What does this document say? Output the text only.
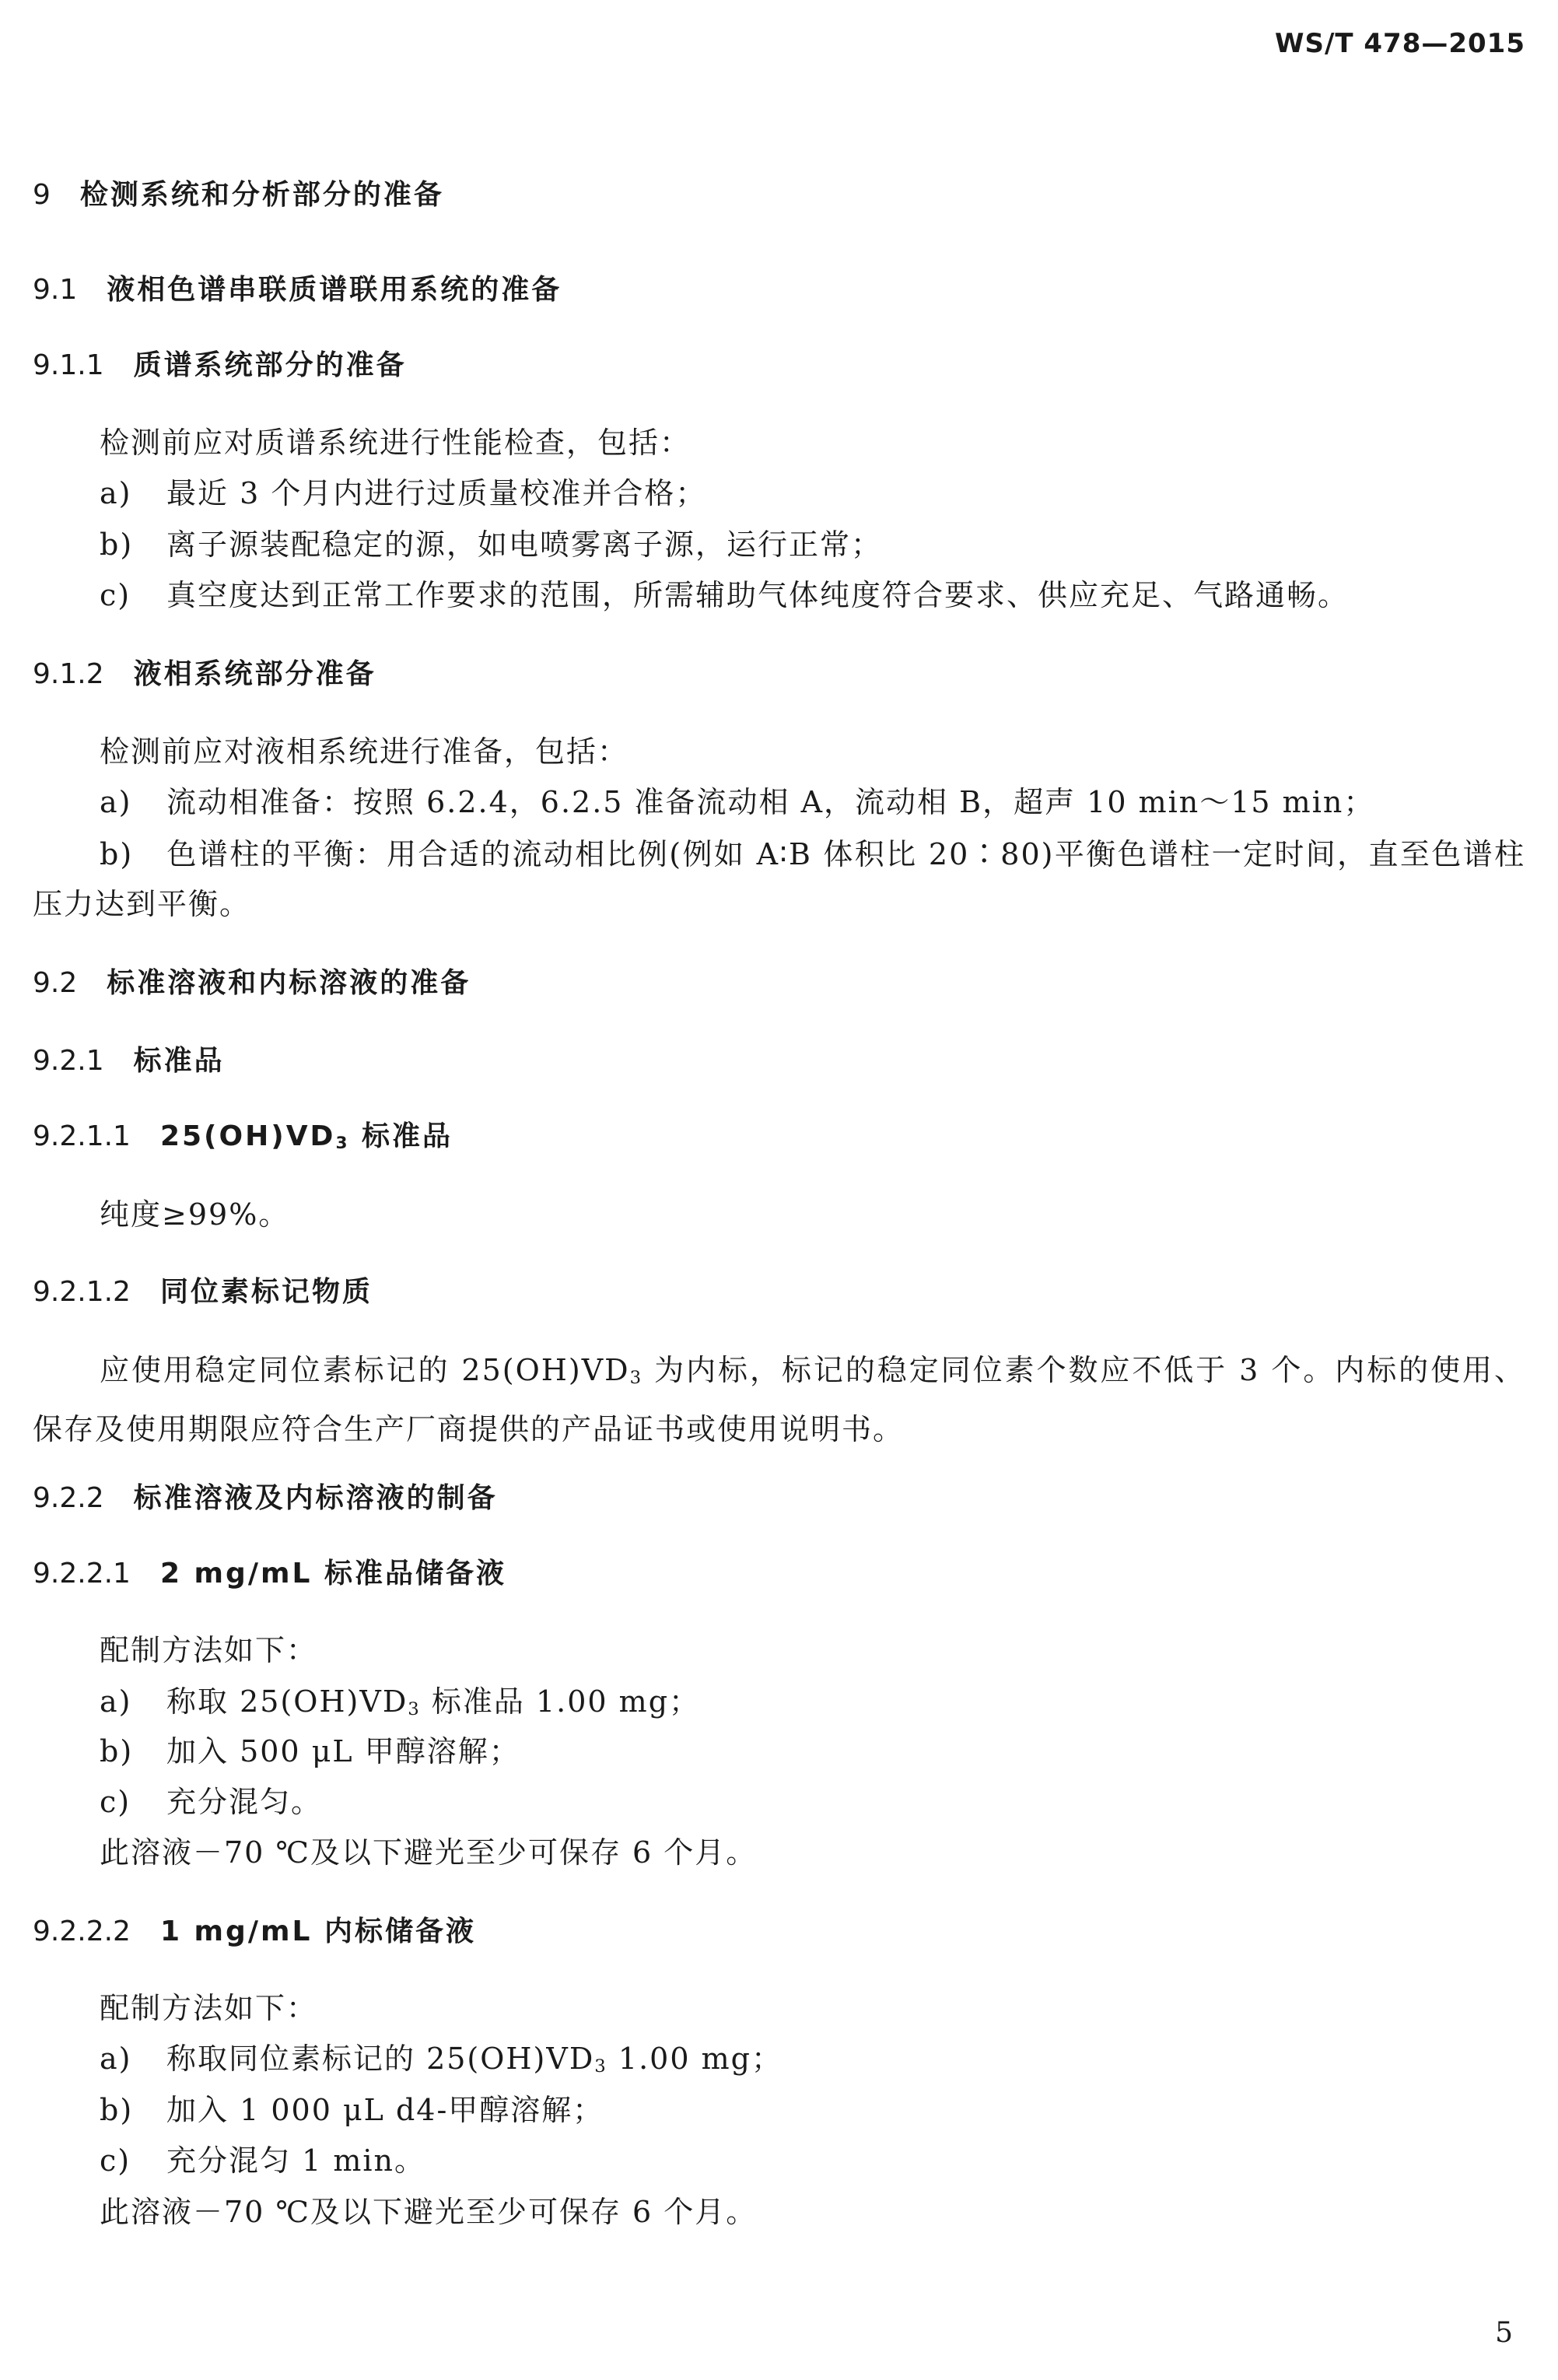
WS/T 478—2015
9 检测系统和分析部分的准备
9.1 液相色谱串联质谱联用系统的准备
9.1.1 质谱系统部分的准备
检测前应对质谱系统进行性能检查，包括：
a) 最近 3 个月内进行过质量校准并合格；
b) 离子源装配稳定的源，如电喷雾离子源，运行正常；
c) 真空度达到正常工作要求的范围，所需辅助气体纯度符合要求、供应充足、气路通畅。
9.1.2 液相系统部分准备
检测前应对液相系统进行准备，包括：
a) 流动相准备：按照 6.2.4，6.2.5 准备流动相 A，流动相 B，超声 10 min～15 min；
b) 色谱柱的平衡：用合适的流动相比例(例如 A∶B 体积比 20∶80)平衡色谱柱一定时间，直至色谱柱压力达到平衡。
9.2 标准溶液和内标溶液的准备
9.2.1 标准品
9.2.1.1 25(OH)VD3 标准品
纯度≥99%。
9.2.1.2 同位素标记物质
应使用稳定同位素标记的 25(OH)VD3 为内标，标记的稳定同位素个数应不低于 3 个。内标的使用、保存及使用期限应符合生产厂商提供的产品证书或使用说明书。
9.2.2 标准溶液及内标溶液的制备
9.2.2.1 2 mg/mL 标准品储备液
配制方法如下：
a) 称取 25(OH)VD3 标准品 1.00 mg；
b) 加入 500 μL 甲醇溶解；
c) 充分混匀。
此溶液－70 ℃及以下避光至少可保存 6 个月。
9.2.2.2 1 mg/mL 内标储备液
配制方法如下：
a) 称取同位素标记的 25(OH)VD3 1.00 mg；
b) 加入 1 000 μL d4-甲醇溶解；
c) 充分混匀 1 min。
此溶液－70 ℃及以下避光至少可保存 6 个月。
5
